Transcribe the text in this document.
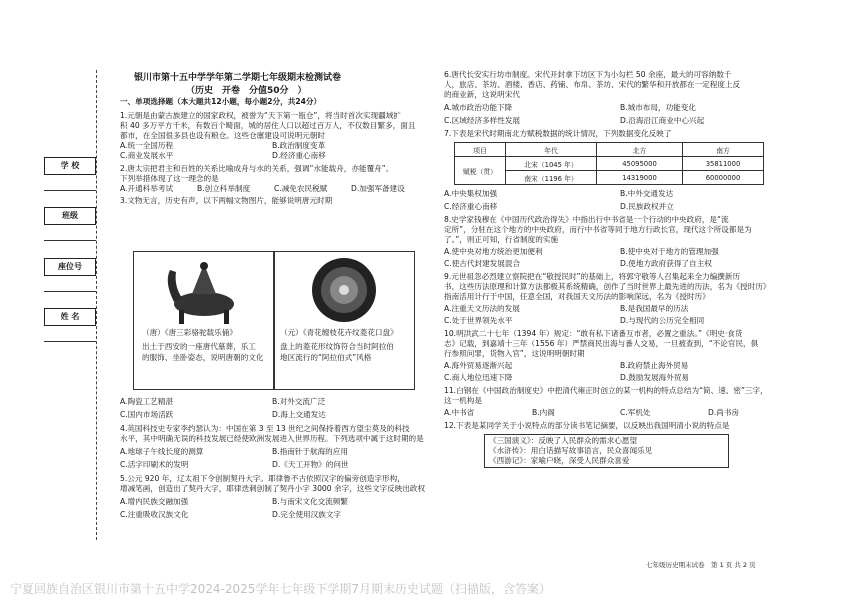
学 校
班级
座位号
姓 名
银川市第十五中学学年第二学期七年级期末检测试卷
（历史　开卷　分值50分　）
一、单项选择题（本大题共12小题，每小题2分，共24分）
1.元朝是由蒙古族建立的国家政权，被誉为“天下第一瓶仓”，将当时首次实现疆域扩
积 40 多万平方千米，有数百个畸面，城的居住人口以超过百万人，不仅数目繁多，面且
都市，在全国很多县也设有粮仓。这些仓廪建设可说明元朝时
A.统一全国历程	B.政治制度变革
C.商业发展水平	D.经济重心南移
2.唐太宗把君主和百姓的关系比喻成舟与水的关系，强调“水能载舟，亦能覆舟”。
下列举措体现了这一理念的是
A.开通科举考试	B.创立科举制度	C.减免农民税赋	D.加强军备建设
3.文物无言，历史有声，以下两幅文物图片，能够说明唐元时期
（唐）《唐三彩骆驼载乐俑》
出土于西安的一座唐代墓葬，乐工
的服饰、坐卧姿态，说明唐朝的文化
（元）《青花缠枝花卉纹菱花口盘》
盘上的菱花形纹饰符合当时阿拉伯
地区流行的“阿拉伯式”风格
A.陶瓷工艺精湛	B.对外交流广泛
C.国内市场活跃	D.海上交通发达
4.英国科技史专家李约瑟认为：中国在第 3 至 13 世纪之间保持着西方望尘莫及的科技
水平，其中明确无误的科技发展已经使欧洲发展进入世界历程。下列选项中属于这时期的是
A.地球子午线长度的测算	B.指南针于航海的应用
C.活字印刷术的发明	D.《天工开物》的问世
5.公元 920 年，辽太祖下令创制契丹大字。耶律鲁不古依照汉字的偏旁创造字形构，
增减笔画，创造出了契丹大字，耶律迭刺创制了契丹小字 3000 余字，这些文字反映出政权
A.增内民族交融加强	B.与南宋文化交流频繁
C.注重吸收汉族文化	D.完全使用汉族文字
6.唐代长安实行坊市制度。宋代开封拿下坊区下为小勾栏 50 余座，最大的可容纳数千
人，旅店、茶坊、酒楼、香店、药铺、布帛、茶坊、宋代的繁华和开放都在一定程度上反
的商业新，这说明宋代
A.城市政治功能下降	B.城市布局，功能变化
C.区域经济多样性发展	D.沿海沿江商业中心兴起
7.下表是宋代时期南北方赋税数据的统计情况，下列数据变化反映了
项目	年代	北方	南方
赋税（贯）	北宋（1045 年）	45095000	35811000
	南宋（1196 年）	14319000	60000000
A.中央集权加强	B.中外交通发达
C.经济重心南移	D.民族政权并立
8.史学家钱穆在《中国历代政治得失》中指出行中书省是一个行动的中央政府，是“流
定所”，分驻在这个地方的中央政府，而行中书省等同于地方行政长官，现代这个所设都是为
了。”，则正可知，行省制度的实施
A.使中央对地方统治更加便利	B.使中央对于地方的管理加强
C.使古代封建发展混合	D.使地方政府获得了自主权
9.元世祖忽必烈建立察院把在“敬授民时”的基础上，将郭守敬等人召集起来全力编撰新历
书，这些历法原理和计算方法都极其系统精确，创作了当时世界上最先进的历法，名为《授时历》
指南活用计行于中国，任意全国，对我国天文历法的影响深远，名为《授时历》
A.注重天文历法的发展	B.是我国最早的历法
C.处于世界领先水平	D.与现代的公历完全相同
10.明洪武二十七年（1394 年）规定：“敢有私下诸番互市者，必置之重法。”《明史·食货
志》记载，到嘉靖十三年（1556 年）严禁商民出海与番人交易，一旦被查到，“不论官民，俱
行参照问罪，货物入官”，这说明明朝时期
A.海外贸易逐渐兴起	B.政府禁止海外贸易
C.商人地位迅速下降	D.鼓励发展海外贸易
11.白钢在《中国政治制度史》中把清代雍正时创立的某一机构的特点总结为“简、速、密”三字，
这一机构是
A.中书省	B.内阁	C.军机处	D.尚书房
12.下表是某同学关于小说特点的部分读书笔记摘要，以反映出我国明清小说的特点是
《三国演义》：反映了人民群众的需求心愿望
《水浒传》：用白话描写故事语言，民众喜闻乐见
《西游记》：家喻户晓，深受人民群众喜爱
七年级历史期末试卷　第 1 页 共 2 页
宁夏回族自治区银川市第十五中学2024-2025学年七年级下学期7月期末历史试题（扫描版，含答案）
